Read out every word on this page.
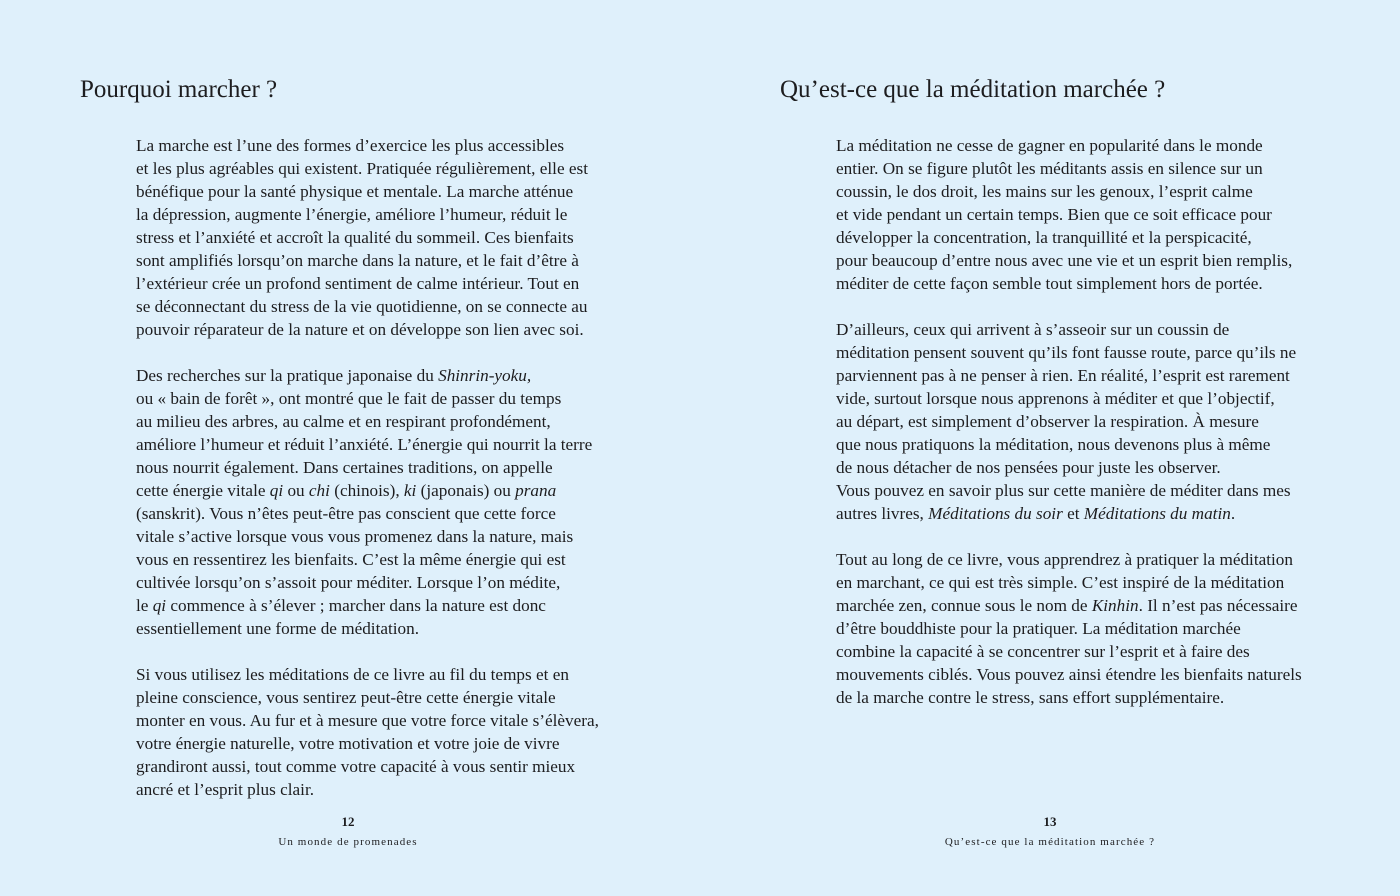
Pourquoi marcher ?

La marche est l’une des formes d’exercice les plus accessibles
et les plus agréables qui existent. Pratiquée régulièrement, elle est
bénéfique pour la santé physique et mentale. La marche atténue
la dépression, augmente l’énergie, améliore l’humeur, réduit le
stress et l’anxiété et accroît la qualité du sommeil. Ces bienfaits
sont amplifiés lorsqu’on marche dans la nature, et le fait d’être à
l’extérieur crée un profond sentiment de calme intérieur. Tout en
se déconnectant du stress de la vie quotidienne, on se connecte au
pouvoir réparateur de la nature et on développe son lien avec soi.

Des recherches sur la pratique japonaise du Shinrin-yoku,
ou « bain de forêt », ont montré que le fait de passer du temps
au milieu des arbres, au calme et en respirant profondément,
améliore l’humeur et réduit l’anxiété. L’énergie qui nourrit la terre
nous nourrit également. Dans certaines traditions, on appelle
cette énergie vitale qi ou chi (chinois), ki (japonais) ou prana
(sanskrit). Vous n’êtes peut-être pas conscient que cette force
vitale s’active lorsque vous vous promenez dans la nature, mais
vous en ressentirez les bienfaits. C’est la même énergie qui est
cultivée lorsqu’on s’assoit pour méditer. Lorsque l’on médite,
le qi commence à s’élever ; marcher dans la nature est donc
essentiellement une forme de méditation.

Si vous utilisez les méditations de ce livre au fil du temps et en
pleine conscience, vous sentirez peut-être cette énergie vitale
monter en vous. Au fur et à mesure que votre force vitale s’élèvera,
votre énergie naturelle, votre motivation et votre joie de vivre
grandiront aussi, tout comme votre capacité à vous sentir mieux
ancré et l’esprit plus clair.

12
Un monde de promenades
Qu’est-ce que la méditation marchée ?

La méditation ne cesse de gagner en popularité dans le monde
entier. On se figure plutôt les méditants assis en silence sur un
coussin, le dos droit, les mains sur les genoux, l’esprit calme
et vide pendant un certain temps. Bien que ce soit efficace pour
développer la concentration, la tranquillité et la perspicacité,
pour beaucoup d’entre nous avec une vie et un esprit bien remplis,
méditer de cette façon semble tout simplement hors de portée.

D’ailleurs, ceux qui arrivent à s’asseoir sur un coussin de
méditation pensent souvent qu’ils font fausse route, parce qu’ils ne
parviennent pas à ne penser à rien. En réalité, l’esprit est rarement
vide, surtout lorsque nous apprenons à méditer et que l’objectif,
au départ, est simplement d’observer la respiration. À mesure
que nous pratiquons la méditation, nous devenons plus à même
de nous détacher de nos pensées pour juste les observer.
Vous pouvez en savoir plus sur cette manière de méditer dans mes
autres livres, Méditations du soir et Méditations du matin.

Tout au long de ce livre, vous apprendrez à pratiquer la méditation
en marchant, ce qui est très simple. C’est inspiré de la méditation
marchée zen, connue sous le nom de Kinhin. Il n’est pas nécessaire
d’être bouddhiste pour la pratiquer. La méditation marchée
combine la capacité à se concentrer sur l’esprit et à faire des
mouvements ciblés. Vous pouvez ainsi étendre les bienfaits naturels
de la marche contre le stress, sans effort supplémentaire.

13
Qu’est-ce que la méditation marchée ?
